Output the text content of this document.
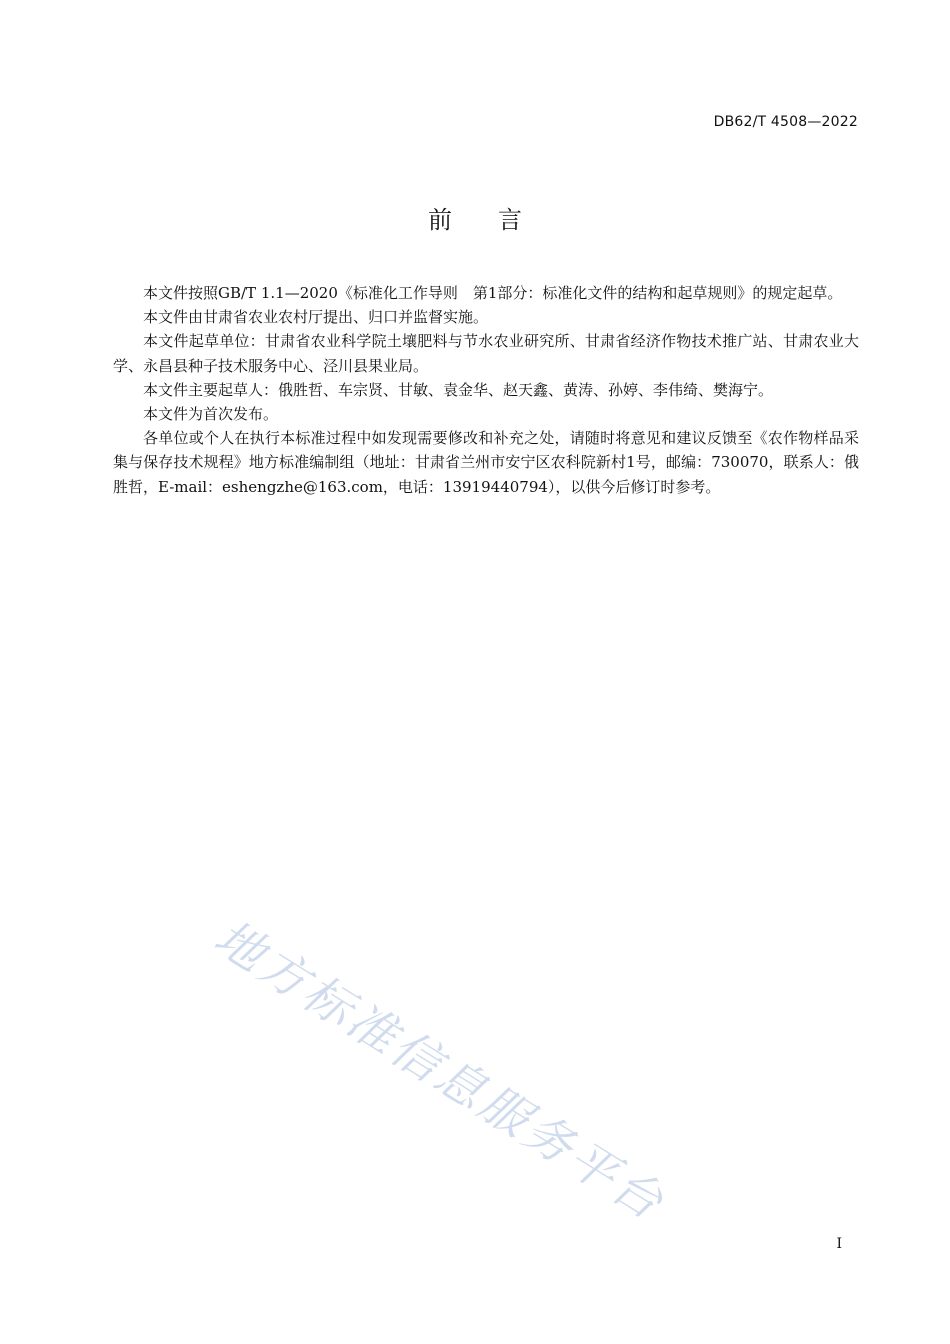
DB62/T 4508—2022
前言

本文件按照GB/T 1.1—2020《标准化工作导则　第1部分：标准化文件的结构和起草规则》的规定起草。

本文件由甘肃省农业农村厅提出、归口并监督实施。

本文件起草单位：甘肃省农业科学院土壤肥料与节水农业研究所、甘肃省经济作物技术推广站、甘肃农业大学、永昌县种子技术服务中心、泾川县果业局。

本文件主要起草人：俄胜哲、车宗贤、甘敏、袁金华、赵天鑫、黄涛、孙婷、李伟绮、樊海宁。

本文件为首次发布。

各单位或个人在执行本标准过程中如发现需要修改和补充之处，请随时将意见和建议反馈至《农作物样品采集与保存技术规程》地方标准编制组（地址：甘肃省兰州市安宁区农科院新村1号，邮编：730070，联系人：俄胜哲，E-mail：eshengzhe@163.com，电话：13919440794），以供今后修订时参考。

地方标准信息服务平台
I
